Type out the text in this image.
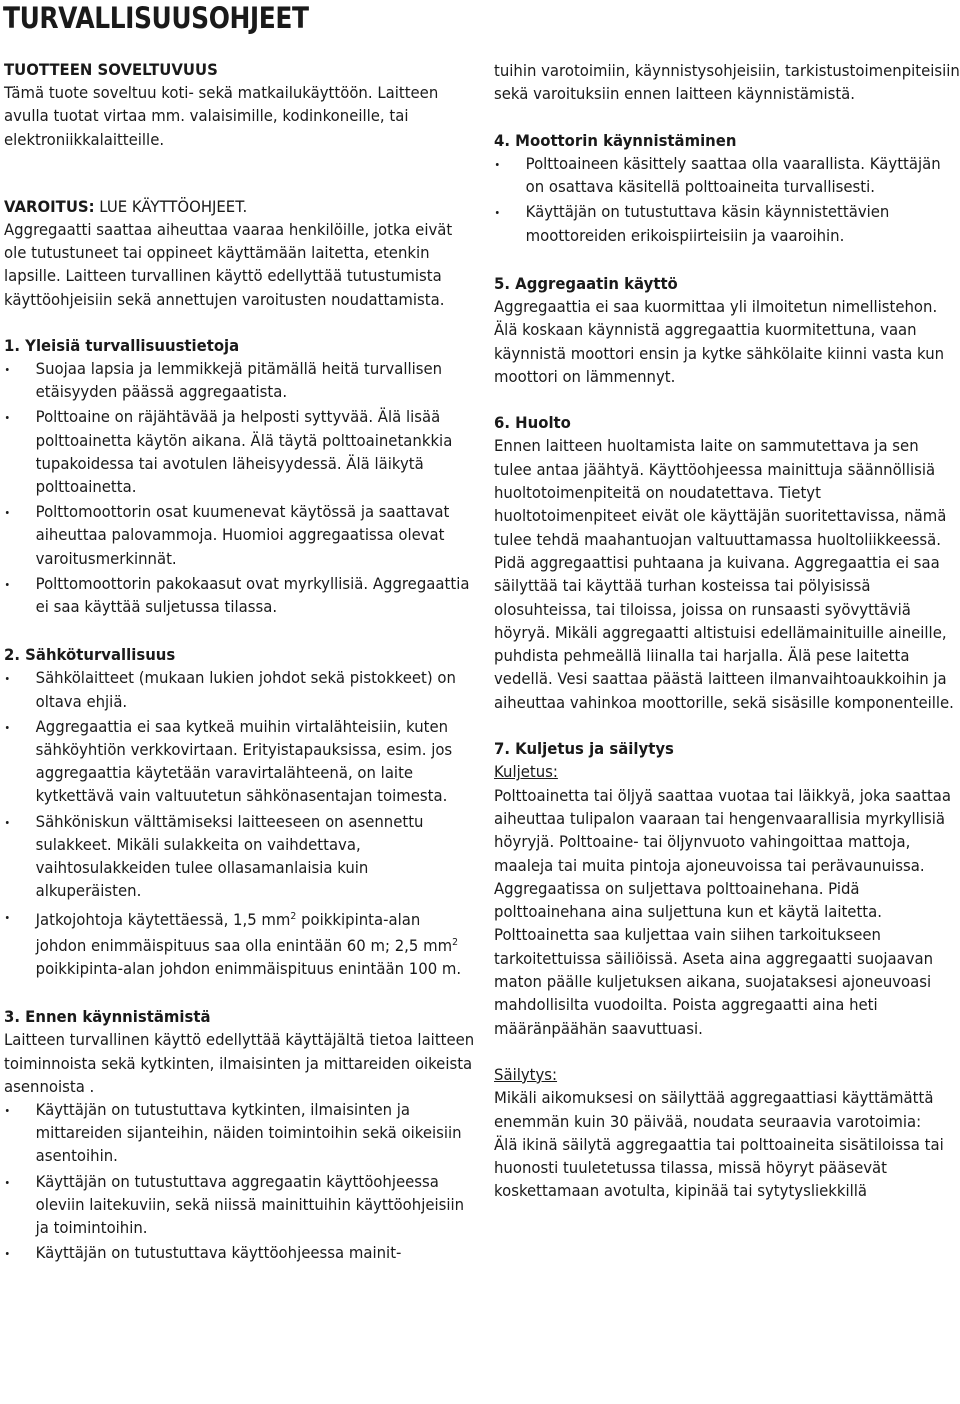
TURVALLISUUSOHJEET

TUOTTEEN SOVELTUVUUS

Tämä tuote soveltuu koti- sekä matkailukäyttöön. Laitteen avulla tuotat virtaa mm. valaisimille, kodinkoneille, tai elektroniikkalaitteille.

VAROITUS: LUE KÄYTTÖOHJEET.

Aggregaatti saattaa aiheuttaa vaaraa henkilöille, jotka eivät ole tutustuneet tai oppineet käyttämään laitetta, etenkin lapsille. Laitteen turvallinen käyttö edellyttää tutustumista käyttöohjeisiin sekä annettujen varoitusten noudattamista.

1. Yleisiä turvallisuustietoja

Suojaa lapsia ja lemmikkejä pitämällä heitä turvallisen etäisyyden päässä aggregaatista.
Polttoaine on räjähtävää ja helposti syttyvää. Älä lisää polttoainetta käytön aikana. Älä täytä polttoainetankkia tupakoidessa tai avotulen läheisyydessä. Älä läikytä polttoainetta.
Polttomoottorin osat kuumenevat käytössä ja saattavat aiheuttaa palovammoja. Huomioi aggregaatissa olevat varoitusmerkinnät.
Polttomoottorin pakokaasut ovat myrkyllisiä. Aggregaattia ei saa käyttää suljetussa tilassa.

2. Sähköturvallisuus

Sähkölaitteet (mukaan lukien johdot sekä pistokkeet) on oltava ehjiä.
Aggregaattia ei saa kytkeä muihin virtalähteisiin, kuten sähköyhtiön verkkovirtaan. Erityistapauksissa, esim. jos aggregaattia käytetään varavirtalähteenä, on laite kytkettävä vain valtuutetun sähkönasentajan toimesta.
Sähköniskun välttämiseksi laitteeseen on asennettu sulakkeet. Mikäli sulakkeita on vaihdettava, vaihtosulakkeiden tulee ollasamanlaisia kuin alkuperäisten.
Jatkojohtoja käytettäessä, 1,5 $mm^2$ poikkipinta-alan johdon enimmäispituus saa olla enintään 60 m; 2,5 $mm^2$ poikkipinta-alan johdon enimmäispituus enintään 100 m.

3. Ennen käynnistämistä

Laitteen turvallinen käyttö edellyttää käyttäjältä tietoa laitteen toiminnoista sekä kytkinten, ilmaisinten ja mittareiden oikeista asennoista .

Käyttäjän on tutustuttava kytkinten, ilmaisinten ja mittareiden sijanteihin, näiden toimintoihin sekä oikeisiin asentoihin.
Käyttäjän on tutustuttava aggregaatin käyttöohjeessa oleviin laitekuviin, sekä niissä mainittuihin käyttöohjeisiin ja toimintoihin.
Käyttäjän on tutustuttava käyttöohjeessa mainit-

tuihin varotoimiin, käynnistysohjeisiin, tarkistustoimenpiteisiin sekä varoituksiin ennen laitteen käynnistämistä.

4. Moottorin käynnistäminen

Polttoaineen käsittely saattaa olla vaarallista. Käyttäjän on osattava käsitellä polttoaineita turvallisesti.
Käyttäjän on tutustuttava käsin käynnistettävien moottoreiden erikoispiirteisiin ja vaaroihin.

5. Aggregaatin käyttö

Aggregaattia ei saa kuormittaa yli ilmoitetun nimellistehon. Älä koskaan käynnistä aggregaattia kuormitettuna, vaan käynnistä moottori ensin ja kytke sähkölaite kiinni vasta kun moottori on lämmennyt.

6. Huolto

Ennen laitteen huoltamista laite on sammutettava ja sen tulee antaa jäähtyä. Käyttöohjeessa mainittuja säännöllisiä huoltotoimenpiteitä on noudatettava. Tietyt huoltotoimenpiteet eivät ole käyttäjän suoritettavissa, nämä tulee tehdä maahantuojan valtuuttamassa huoltoliikkeessä.

Pidä aggregaattisi puhtaana ja kuivana. Aggregaattia ei saa säilyttää tai käyttää turhan kosteissa tai pölyisissä olosuhteissa, tai tiloissa, joissa on runsaasti syövyttäviä höyryä. Mikäli aggregaatti altistuisi edellämainituille aineille, puhdista pehmeällä liinalla tai harjalla. Älä pese laitetta vedellä. Vesi saattaa päästä laitteen ilmanvaihtoaukkoihin ja aiheuttaa vahinkoa moottorille, sekä sisäsille komponenteille.

7. Kuljetus ja säilytys

Kuljetus:

Polttoainetta tai öljyä saattaa vuotaa tai läikkyä, joka saattaa aiheuttaa tulipalon vaaraan tai hengenvaarallisia myrkyllisiä höyryjä. Polttoaine- tai öljynvuoto vahingoittaa mattoja, maaleja tai muita pintoja ajoneuvoissa tai perävaunuissa. Aggregaatissa on suljettava polttoainehana. Pidä polttoainehana aina suljettuna kun et käytä laitetta. Polttoainetta saa kuljettaa vain siihen tarkoitukseen tarkoitettuissa säiliöissä. Aseta aina aggregaatti suojaavan maton päälle kuljetuksen aikana, suojataksesi ajoneuvoasi mahdollisilta vuodoilta. Poista aggregaatti aina heti määränpäähän saavuttuasi.

Säilytys:

Mikäli aikomuksesi on säilyttää aggregaattiasi käyttämättä enemmän kuin 30 päivää, noudata seuraavia varotoimia:

Älä ikinä säilytä aggregaattia tai polttoaineita sisätiloissa tai huonosti tuuletetussa tilassa, missä höyryt pääsevät koskettamaan avotulta, kipinää tai sytytysliekkillä
